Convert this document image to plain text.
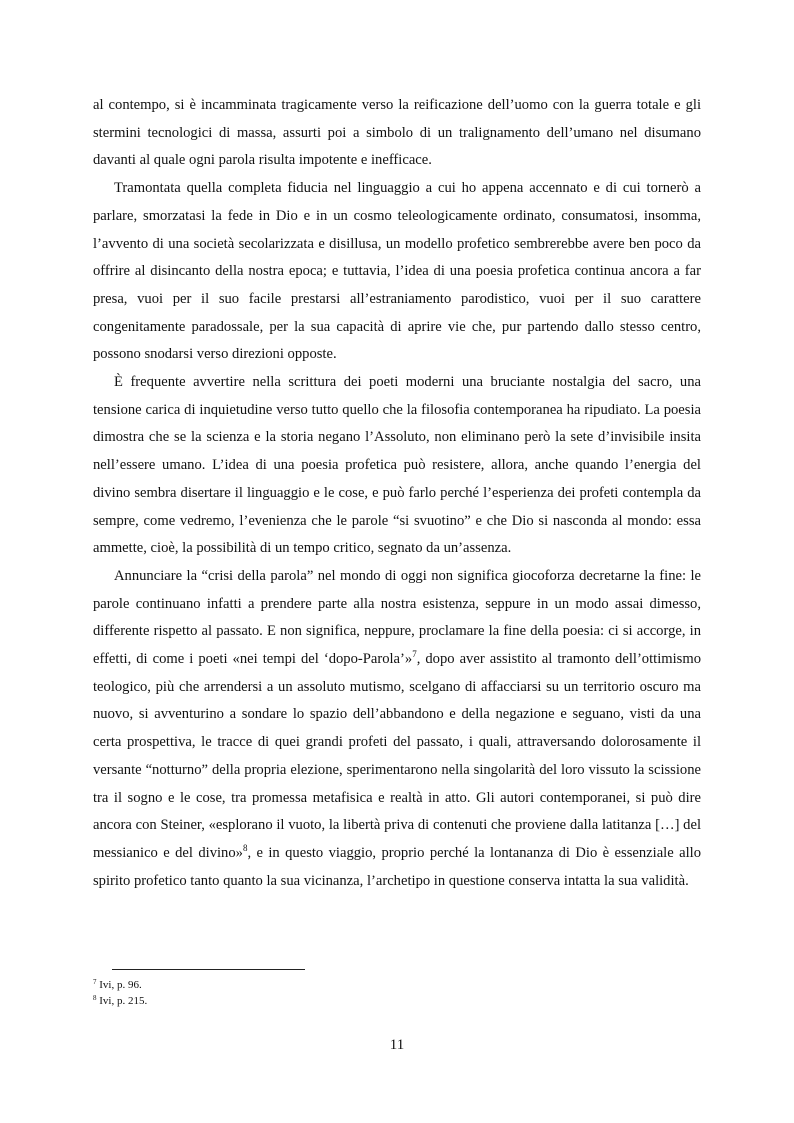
al contempo, si è incamminata tragicamente verso la reificazione dell’uomo con la guerra totale e gli stermini tecnologici di massa, assurti poi a simbolo di un tralignamento dell’umano nel disumano davanti al quale ogni parola risulta impotente e inefficace.

Tramontata quella completa fiducia nel linguaggio a cui ho appena accennato e di cui tornerò a parlare, smorzatasi la fede in Dio e in un cosmo teleologicamente ordinato, consumatosi, insomma, l’avvento di una società secolarizzata e disillusa, un modello profetico sembrerebbe avere ben poco da offrire al disincanto della nostra epoca; e tuttavia, l’idea di una poesia profetica continua ancora a far presa, vuoi per il suo facile prestarsi all’estraniamento parodistico, vuoi per il suo carattere congenitamente paradossale, per la sua capacità di aprire vie che, pur partendo dallo stesso centro, possono snodarsi verso direzioni opposte.

È frequente avvertire nella scrittura dei poeti moderni una bruciante nostalgia del sacro, una tensione carica di inquietudine verso tutto quello che la filosofia contemporanea ha ripudiato. La poesia dimostra che se la scienza e la storia negano l’Assoluto, non eliminano però la sete d’invisibile insita nell’essere umano. L’idea di una poesia profetica può resistere, allora, anche quando l’energia del divino sembra disertare il linguaggio e le cose, e può farlo perché l’esperienza dei profeti contempla da sempre, come vedremo, l’evenienza che le parole “si svuotino” e che Dio si nasconda al mondo: essa ammette, cioè, la possibilità di un tempo critico, segnato da un’assenza.

Annunciare la “crisi della parola” nel mondo di oggi non significa giocoforza decretarne la fine: le parole continuano infatti a prendere parte alla nostra esistenza, seppure in un modo assai dimesso, differente rispetto al passato. E non significa, neppure, proclamare la fine della poesia: ci si accorge, in effetti, di come i poeti «nei tempi del ‘dopo-Parola’»$^7$, dopo aver assistito al tramonto dell’ottimismo teologico, più che arrendersi a un assoluto mutismo, scelgano di affacciarsi su un territorio oscuro ma nuovo, si avventurino a sondare lo spazio dell’abbandono e della negazione e seguano, visti da una certa prospettiva, le tracce di quei grandi profeti del passato, i quali, attraversando dolorosamente il versante “notturno” della propria elezione, sperimentarono nella singolarità del loro vissuto la scissione tra il sogno e le cose, tra promessa metafisica e realtà in atto. Gli autori contemporanei, si può dire ancora con Steiner, «esplorano il vuoto, la libertà priva di contenuti che proviene dalla latitanza […] del messianico e del divino»$^8$, e in questo viaggio, proprio perché la lontananza di Dio è essenziale allo spirito profetico tanto quanto la sua vicinanza, l’archetipo in questione conserva intatta la sua validità.

$^7$ Ivi, p. 96.
$^8$ Ivi, p. 215.
11
